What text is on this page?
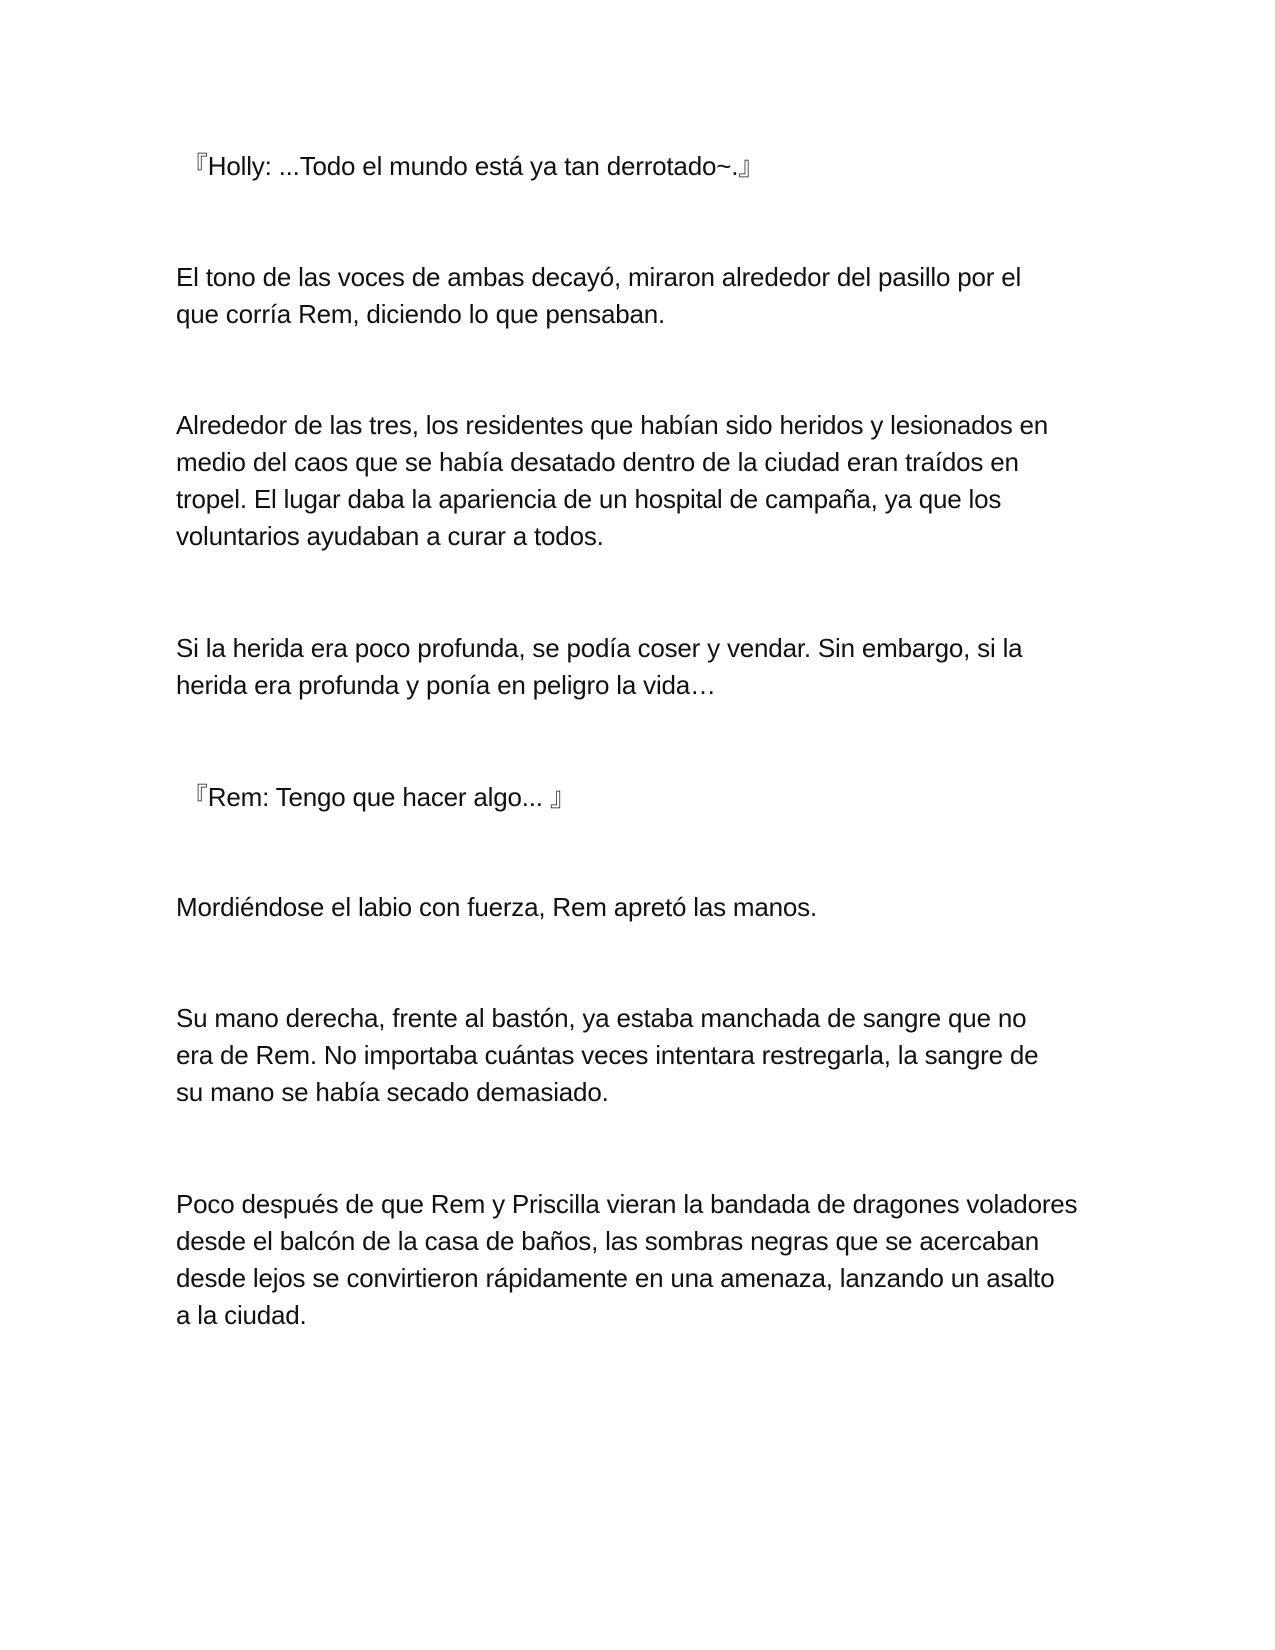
『Holly: ...Todo el mundo está ya tan derrotado~.』

El tono de las voces de ambas decayó, miraron alrededor del pasillo por el
que corría Rem, diciendo lo que pensaban.

Alrededor de las tres, los residentes que habían sido heridos y lesionados en
medio del caos que se había desatado dentro de la ciudad eran traídos en
tropel. El lugar daba la apariencia de un hospital de campaña, ya que los
voluntarios ayudaban a curar a todos.

Si la herida era poco profunda, se podía coser y vendar. Sin embargo, si la
herida era profunda y ponía en peligro la vida…

『Rem: Tengo que hacer algo... 』

Mordiéndose el labio con fuerza, Rem apretó las manos.

Su mano derecha, frente al bastón, ya estaba manchada de sangre que no
era de Rem. No importaba cuántas veces intentara restregarla, la sangre de
su mano se había secado demasiado.

Poco después de que Rem y Priscilla vieran la bandada de dragones voladores
desde el balcón de la casa de baños, las sombras negras que se acercaban
desde lejos se convirtieron rápidamente en una amenaza, lanzando un asalto
a la ciudad.
